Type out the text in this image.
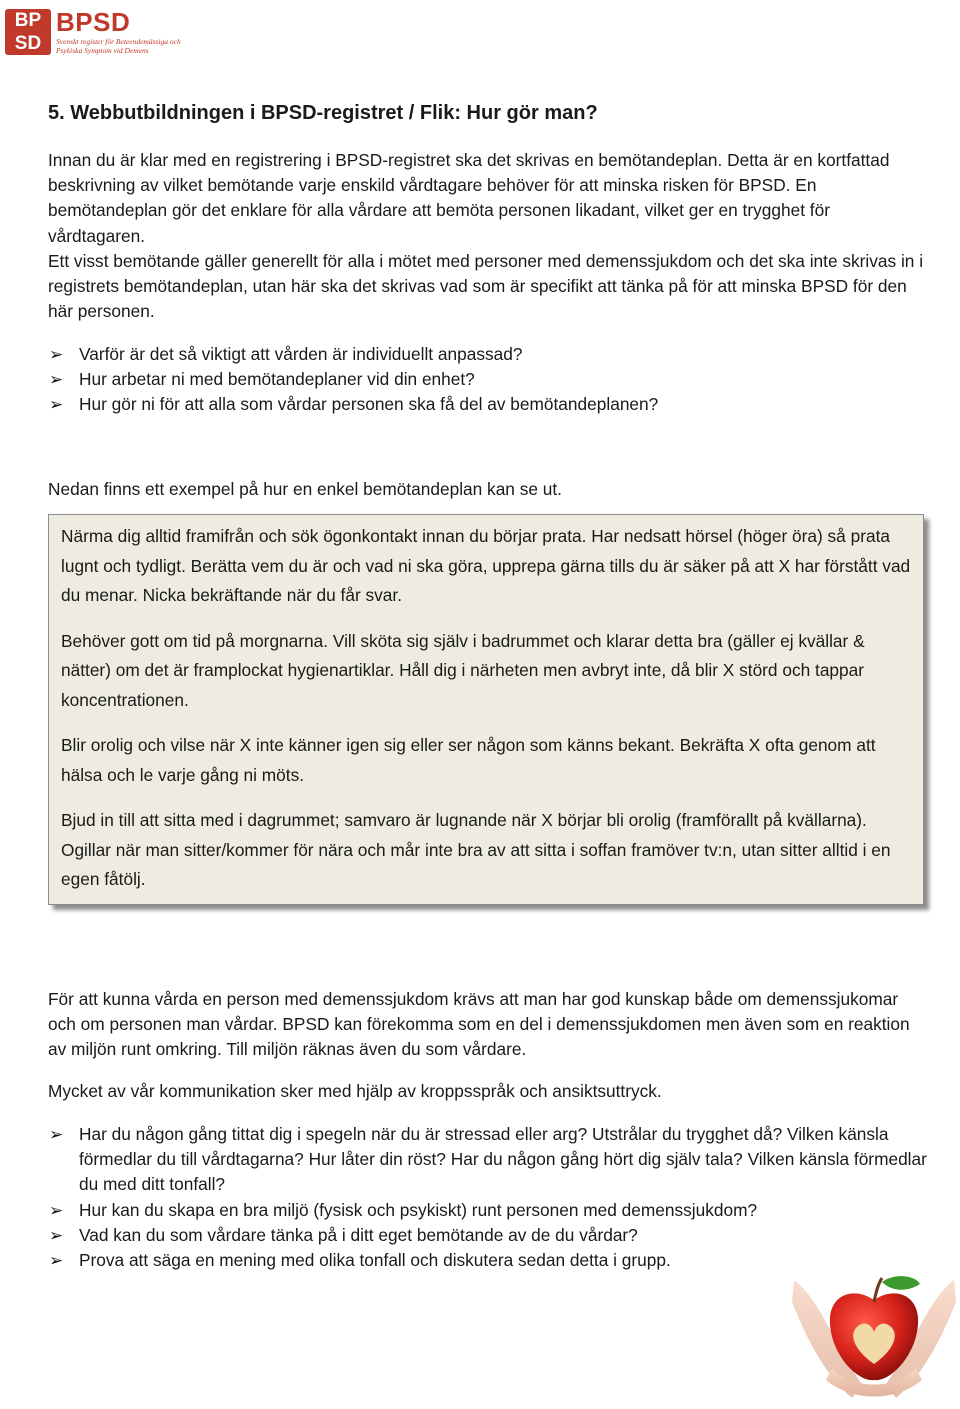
BP
SD
BPSD
Svenskt register för Beteendemässiga och
Psykiska Symptom vid Demens
5. Webbutbildningen i BPSD-registret / Flik: Hur gör man?

Innan du är klar med en registrering i BPSD-registret ska det skrivas en bemötandeplan. Detta är en kortfattad beskrivning av vilket bemötande varje enskild vårdtagare behöver för att minska risken för BPSD. En bemötandeplan gör det enklare för alla vårdare att bemöta personen likadant, vilket ger en trygghet för vårdtagaren.

Ett visst bemötande gäller generellt för alla i mötet med personer med demenssjukdom och det ska inte skrivas in i registrets bemötandeplan, utan här ska det skrivas vad som är specifikt att tänka på för att minska BPSD för den här personen.

➢ Varför är det så viktigt att vården är individuellt anpassad?
➢ Hur arbetar ni med bemötandeplaner vid din enhet?
➢ Hur gör ni för att alla som vårdar personen ska få del av bemötandeplanen?

Nedan finns ett exempel på hur en enkel bemötandeplan kan se ut.

Närma dig alltid framifrån och sök ögonkontakt innan du börjar prata. Har nedsatt hörsel (höger öra) så prata lugnt och tydligt. Berätta vem du är och vad ni ska göra, upprepa gärna tills du är säker på att X har förstått vad du menar. Nicka bekräftande när du får svar.

Behöver gott om tid på morgnarna. Vill sköta sig själv i badrummet och klarar detta bra (gäller ej kvällar & nätter) om det är framplockat hygienartiklar. Håll dig i närheten men avbryt inte, då blir X störd och tappar koncentrationen.

Blir orolig och vilse när X inte känner igen sig eller ser någon som känns bekant. Bekräfta X ofta genom att hälsa och le varje gång ni möts.

Bjud in till att sitta med i dagrummet; samvaro är lugnande när X börjar bli orolig (framförallt på kvällarna). Ogillar när man sitter/kommer för nära och mår inte bra av att sitta i soffan framöver tv:n, utan sitter alltid i en egen fåtölj.

För att kunna vårda en person med demenssjukdom krävs att man har god kunskap både om demenssjukomar och om personen man vårdar. BPSD kan förekomma som en del i demenssjukdomen men även som en reaktion av miljön runt omkring. Till miljön räknas även du som vårdare.

Mycket av vår kommunikation sker med hjälp av kroppsspråk och ansiktsuttryck.

➢ Har du någon gång tittat dig i spegeln när du är stressad eller arg? Utstrålar du trygghet då? Vilken känsla förmedlar du till vårdtagarna? Hur låter din röst? Har du någon gång hört dig själv tala? Vilken känsla förmedlar du med ditt tonfall?
➢ Hur kan du skapa en bra miljö (fysisk och psykiskt) runt personen med demenssjukdom?
➢ Vad kan du som vårdare tänka på i ditt eget bemötande av de du vårdar?
➢ Prova att säga en mening med olika tonfall och diskutera sedan detta i grupp.
